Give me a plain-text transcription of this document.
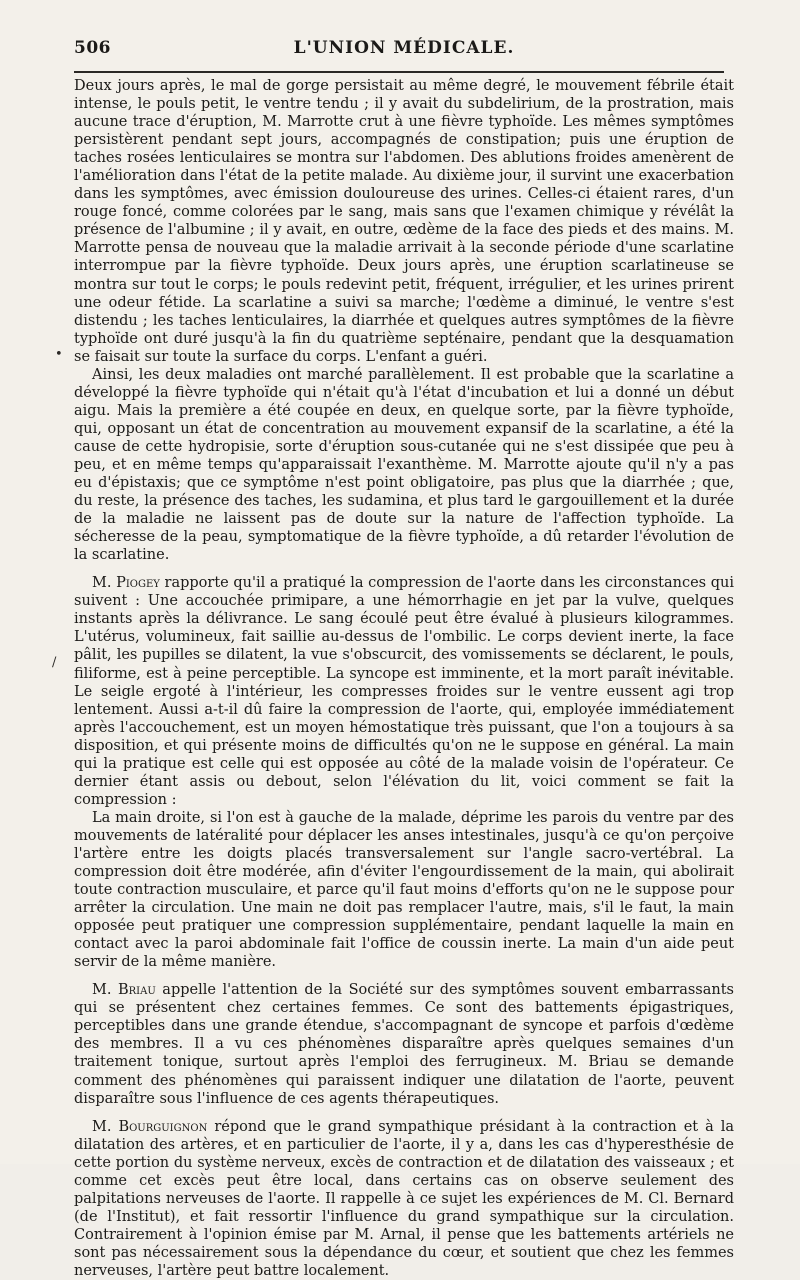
506	L'UNION MÉDICALE.
•
/

Deux jours après, le mal de gorge persistait au même degré, le mouvement fébrile était intense, le pouls petit, le ventre tendu ; il y avait du subdelirium, de la prostration, mais aucune trace d'éruption, M. Marrotte crut à une fièvre typhoïde. Les mêmes symptômes persistèrent pendant sept jours, accompagnés de constipation; puis une éruption de taches rosées lenticulaires se montra sur l'abdomen. Des ablutions froides amenèrent de l'amélioration dans l'état de la petite malade. Au dixième jour, il survint une exacerbation dans les symptômes, avec émission douloureuse des urines. Celles-ci étaient rares, d'un rouge foncé, comme colorées par le sang, mais sans que l'examen chimique y révélât la présence de l'albumine ; il y avait, en outre, œdème de la face des pieds et des mains. M. Marrotte pensa de nouveau que la maladie arrivait à la seconde période d'une scarlatine interrompue par la fièvre typhoïde. Deux jours après, une éruption scarlatineuse se montra sur tout le corps; le pouls redevint petit, fréquent, irrégulier, et les urines prirent une odeur fétide. La scarlatine a suivi sa marche; l'œdème a diminué, le ventre s'est distendu ; les taches lenticulaires, la diarrhée et quelques autres symptômes de la fièvre typhoïde ont duré jusqu'à la fin du quatrième septénaire, pendant que la desquamation se faisait sur toute la surface du corps. L'enfant a guéri.

Ainsi, les deux maladies ont marché parallèlement. Il est probable que la scarlatine a développé la fièvre typhoïde qui n'était qu'à l'état d'incubation et lui a donné un début aigu. Mais la première a été coupée en deux, en quelque sorte, par la fièvre typhoïde, qui, opposant un état de concentration au mouvement expansif de la scarlatine, a été la cause de cette hydropisie, sorte d'éruption sous-cutanée qui ne s'est dissipée que peu à peu, et en même temps qu'apparaissait l'exanthème. M. Marrotte ajoute qu'il n'y a pas eu d'épistaxis; que ce symptôme n'est point obligatoire, pas plus que la diarrhée ; que, du reste, la présence des taches, les sudamina, et plus tard le gargouillement et la durée de la maladie ne laissent pas de doute sur la nature de l'affection typhoïde. La sécheresse de la peau, symptomatique de la fièvre typhoïde, a dû retarder l'évolution de la scarlatine.

M. Piogey rapporte qu'il a pratiqué la compression de l'aorte dans les circonstances qui suivent : Une accouchée primipare, a une hémorrhagie en jet par la vulve, quelques instants après la délivrance. Le sang écoulé peut être évalué à plusieurs kilogrammes. L'utérus, volumineux, fait saillie au-dessus de l'ombilic. Le corps devient inerte, la face pâlit, les pupilles se dilatent, la vue s'obscurcit, des vomissements se déclarent, le pouls, filiforme, est à peine perceptible. La syncope est imminente, et la mort paraît inévitable. Le seigle ergoté à l'intérieur, les compresses froides sur le ventre eussent agi trop lentement. Aussi a-t-il dû faire la compression de l'aorte, qui, employée immédiatement après l'accouchement, est un moyen hémostatique très puissant, que l'on a toujours à sa disposition, et qui présente moins de difficultés qu'on ne le suppose en général. La main qui la pratique est celle qui est opposée au côté de la malade voisin de l'opérateur. Ce dernier étant assis ou debout, selon l'élévation du lit, voici comment se fait la compression :

La main droite, si l'on est à gauche de la malade, déprime les parois du ventre par des mouvements de latéralité pour déplacer les anses intestinales, jusqu'à ce qu'on perçoive l'artère entre les doigts placés transversalement sur l'angle sacro-vertébral. La compression doit être modérée, afin d'éviter l'engourdissement de la main, qui abolirait toute contraction musculaire, et parce qu'il faut moins d'efforts qu'on ne le suppose pour arrêter la circulation. Une main ne doit pas remplacer l'autre, mais, s'il le faut, la main opposée peut pratiquer une compression supplémentaire, pendant laquelle la main en contact avec la paroi abdominale fait l'office de coussin inerte. La main d'un aide peut servir de la même manière.

M. Briau appelle l'attention de la Société sur des symptômes souvent embarrassants qui se présentent chez certaines femmes. Ce sont des battements épigastriques, perceptibles dans une grande étendue, s'accompagnant de syncope et parfois d'œdème des membres. Il a vu ces phénomènes disparaître après quelques semaines d'un traitement tonique, surtout après l'emploi des ferrugineux. M. Briau se demande comment des phénomènes qui paraissent indiquer une dilatation de l'aorte, peuvent disparaître sous l'influence de ces agents thérapeutiques.

M. Bourguignon répond que le grand sympathique présidant à la contraction et à la dilatation des artères, et en particulier de l'aorte, il y a, dans les cas d'hyperesthésie de cette portion du système nerveux, excès de contraction et de dilatation des vaisseaux ; et comme cet excès peut être local, dans certains cas on observe seulement des palpitations nerveuses de l'aorte. Il rappelle à ce sujet les expériences de M. Cl. Bernard (de l'Institut), et fait ressortir l'influence du grand sympathique sur la circulation. Contrairement à l'opinion émise par M. Arnal, il pense que les battements artériels ne sont pas nécessairement sous la dépendance du cœur, et soutient que chez les femmes nerveuses, l'artère peut battre localement.
